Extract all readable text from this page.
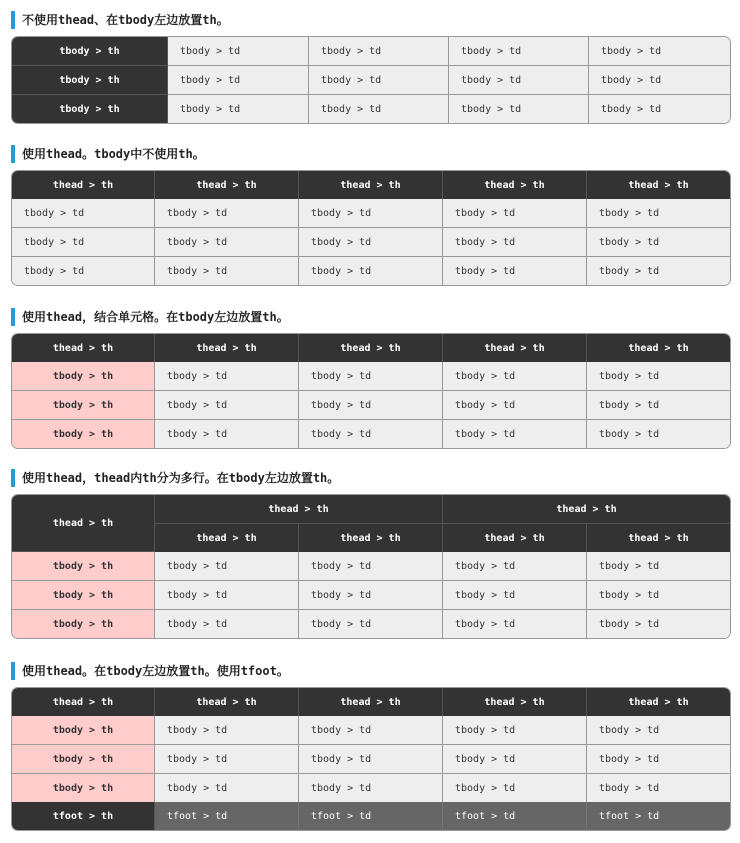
不使用thead、在tbody左边放置th。
tbody > th	tbody > td	tbody > td	tbody > td	tbody > td
tbody > th	tbody > td	tbody > td	tbody > td	tbody > td
tbody > th	tbody > td	tbody > td	tbody > td	tbody > td
使用thead。tbody中不使用th。
thead > th	thead > th	thead > th	thead > th	thead > th
tbody > td	tbody > td	tbody > td	tbody > td	tbody > td
tbody > td	tbody > td	tbody > td	tbody > td	tbody > td
tbody > td	tbody > td	tbody > td	tbody > td	tbody > td
使用thead，结合单元格。在tbody左边放置th。
thead > th	thead > th	thead > th	thead > th	thead > th
tbody > th	tbody > td	tbody > td	tbody > td	tbody > td
tbody > th	tbody > td	tbody > td	tbody > td	tbody > td
tbody > th	tbody > td	tbody > td	tbody > td	tbody > td
使用thead，thead内th分为多行。在tbody左边放置th。
thead > th	thead > th		thead > th	
	thead > th	thead > th	thead > th	thead > th
tbody > th	tbody > td	tbody > td	tbody > td	tbody > td
tbody > th	tbody > td	tbody > td	tbody > td	tbody > td
tbody > th	tbody > td	tbody > td	tbody > td	tbody > td
使用thead。在tbody左边放置th。使用tfoot。
thead > th	thead > th	thead > th	thead > th	thead > th
tbody > th	tbody > td	tbody > td	tbody > td	tbody > td
tbody > th	tbody > td	tbody > td	tbody > td	tbody > td
tbody > th	tbody > td	tbody > td	tbody > td	tbody > td
tfoot > th	tfoot > td	tfoot > td	tfoot > td	tfoot > td
